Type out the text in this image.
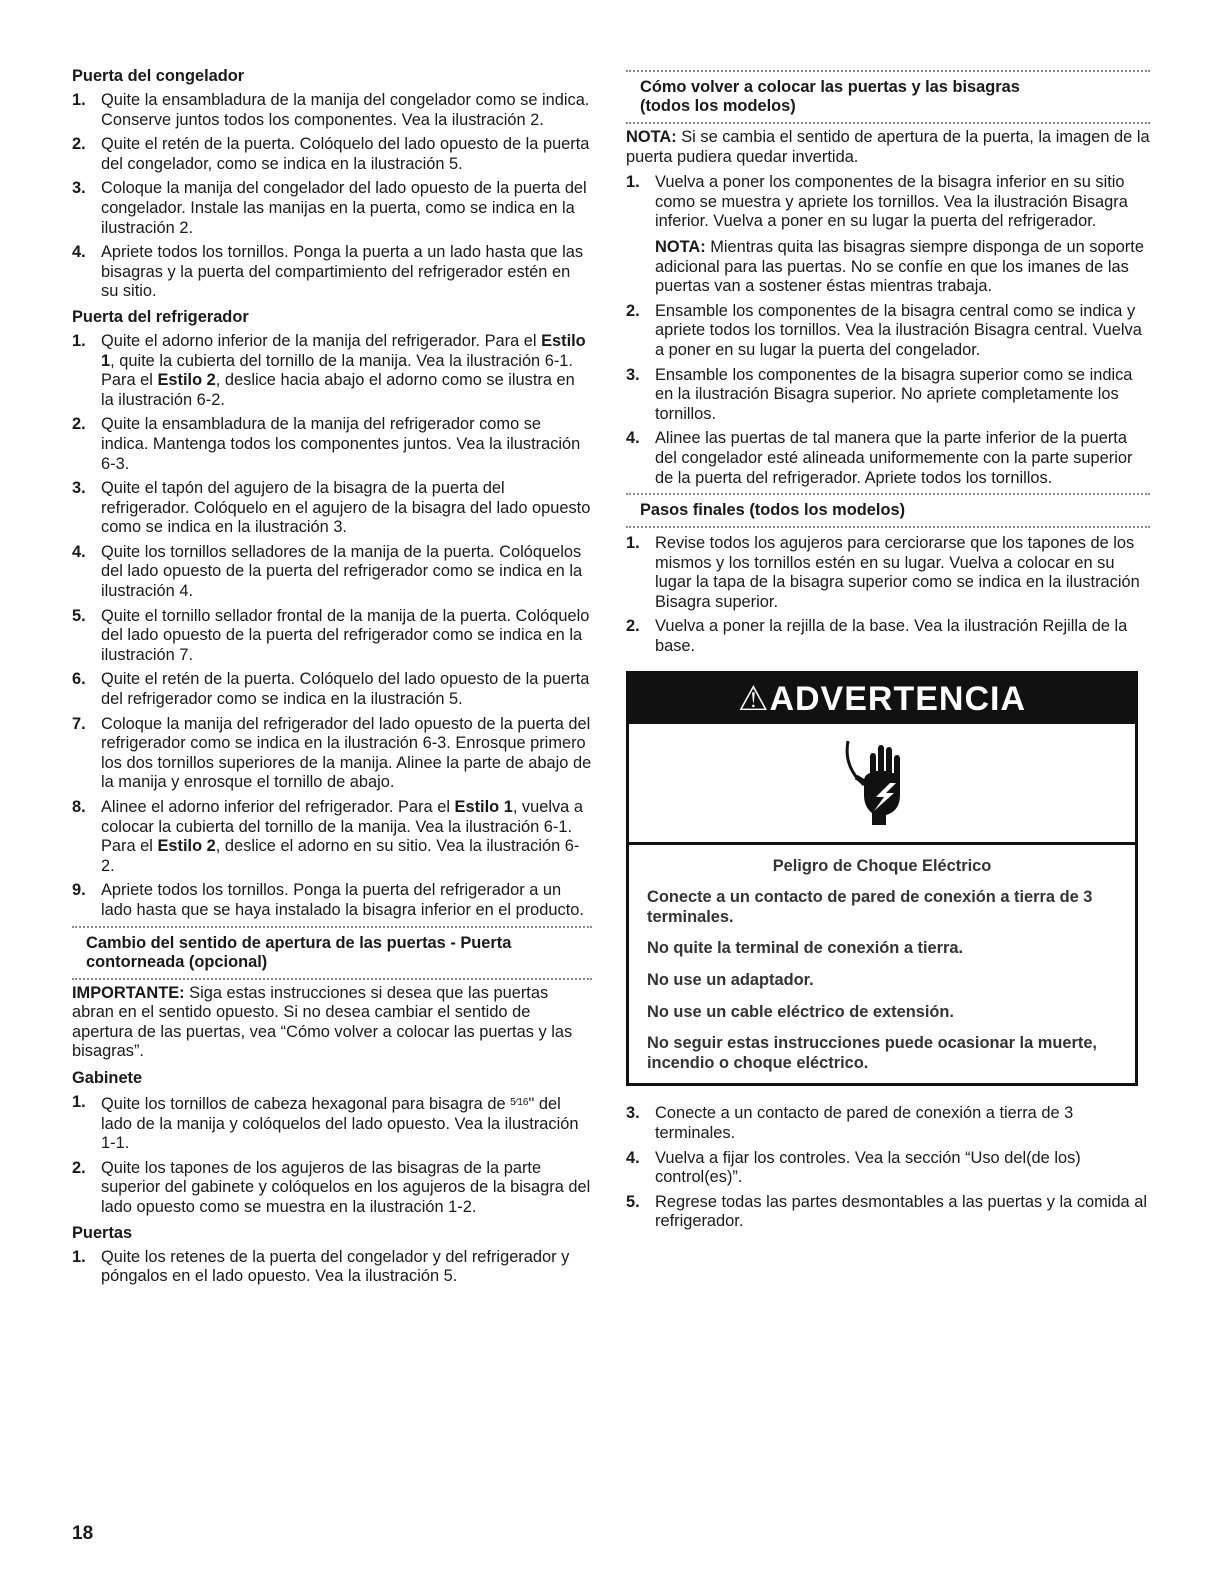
Puerta del congelador
1. Quite la ensambladura de la manija del congelador como se indica. Conserve juntos todos los componentes. Vea la ilustración 2.
2. Quite el retén de la puerta. Colóquelo del lado opuesto de la puerta del congelador, como se indica en la ilustración 5.
3. Coloque la manija del congelador del lado opuesto de la puerta del congelador. Instale las manijas en la puerta, como se indica en la ilustración 2.
4. Apriete todos los tornillos. Ponga la puerta a un lado hasta que las bisagras y la puerta del compartimiento del refrigerador estén en su sitio.
Puerta del refrigerador
1. Quite el adorno inferior de la manija del refrigerador. Para el Estilo 1, quite la cubierta del tornillo de la manija. Vea la ilustración 6-1. Para el Estilo 2, deslice hacia abajo el adorno como se ilustra en la ilustración 6-2.
2. Quite la ensambladura de la manija del refrigerador como se indica. Mantenga todos los componentes juntos. Vea la ilustración 6-3.
3. Quite el tapón del agujero de la bisagra de la puerta del refrigerador. Colóquelo en el agujero de la bisagra del lado opuesto como se indica en la ilustración 3.
4. Quite los tornillos selladores de la manija de la puerta. Colóquelos del lado opuesto de la puerta del refrigerador como se indica en la ilustración 4.
5. Quite el tornillo sellador frontal de la manija de la puerta. Colóquelo del lado opuesto de la puerta del refrigerador como se indica en la ilustración 7.
6. Quite el retén de la puerta. Colóquelo del lado opuesto de la puerta del refrigerador como se indica en la ilustración 5.
7. Coloque la manija del refrigerador del lado opuesto de la puerta del refrigerador como se indica en la ilustración 6-3. Enrosque primero los dos tornillos superiores de la manija. Alinee la parte de abajo de la manija y enrosque el tornillo de abajo.
8. Alinee el adorno inferior del refrigerador. Para el Estilo 1, vuelva a colocar la cubierta del tornillo de la manija. Vea la ilustración 6-1. Para el Estilo 2, deslice el adorno en su sitio. Vea la ilustración 6-2.
9. Apriete todos los tornillos. Ponga la puerta del refrigerador a un lado hasta que se haya instalado la bisagra inferior en el producto.
Cambio del sentido de apertura de las puertas - Puerta contorneada (opcional)

IMPORTANTE: Siga estas instrucciones si desea que las puertas abran en el sentido opuesto. Si no desea cambiar el sentido de apertura de las puertas, vea “Cómo volver a colocar las puertas y las bisagras”.

Gabinete
1. Quite los tornillos de cabeza hexagonal para bisagra de $^{5⁄16}$" del lado de la manija y colóquelos del lado opuesto. Vea la ilustración 1-1.
2. Quite los tapones de los agujeros de las bisagras de la parte superior del gabinete y colóquelos en los agujeros de la bisagra del lado opuesto como se muestra en la ilustración 1-2.
Puertas
1. Quite los retenes de la puerta del congelador y del refrigerador y póngalos en el lado opuesto. Vea la ilustración 5.
Cómo volver a colocar las puertas y las bisagras
(todos los modelos)

NOTA: Si se cambia el sentido de apertura de la puerta, la imagen de la puerta pudiera quedar invertida.

1. Vuelva a poner los componentes de la bisagra inferior en su sitio como se muestra y apriete los tornillos. Vea la ilustración Bisagra inferior. Vuelva a poner en su lugar la puerta del refrigerador.
NOTA: Mientras quita las bisagras siempre disponga de un soporte adicional para las puertas. No se confíe en que los imanes de las puertas van a sostener éstas mientras trabaja.
2. Ensamble los componentes de la bisagra central como se indica y apriete todos los tornillos. Vea la ilustración Bisagra central. Vuelva a poner en su lugar la puerta del congelador.
3. Ensamble los componentes de la bisagra superior como se indica en la ilustración Bisagra superior. No apriete completamente los tornillos.
4. Alinee las puertas de tal manera que la parte inferior de la puerta del congelador esté alineada uniformemente con la parte superior de la puerta del refrigerador. Apriete todos los tornillos.
Pasos finales (todos los modelos)
1. Revise todos los agujeros para cerciorarse que los tapones de los mismos y los tornillos estén en su lugar. Vuelva a colocar en su lugar la tapa de la bisagra superior como se indica en la ilustración Bisagra superior.
2. Vuelva a poner la rejilla de la base. Vea la ilustración Rejilla de la base.
⚠ADVERTENCIA

Peligro de Choque Eléctrico

Conecte a un contacto de pared de conexión a tierra de 3 terminales.

No quite la terminal de conexión a tierra.

No use un adaptador.

No use un cable eléctrico de extensión.

No seguir estas instrucciones puede ocasionar la muerte, incendio o choque eléctrico.

3. Conecte a un contacto de pared de conexión a tierra de 3 terminales.
4. Vuelva a fijar los controles. Vea la sección “Uso del(de los) control(es)”.
5. Regrese todas las partes desmontables a las puertas y la comida al refrigerador.
18
